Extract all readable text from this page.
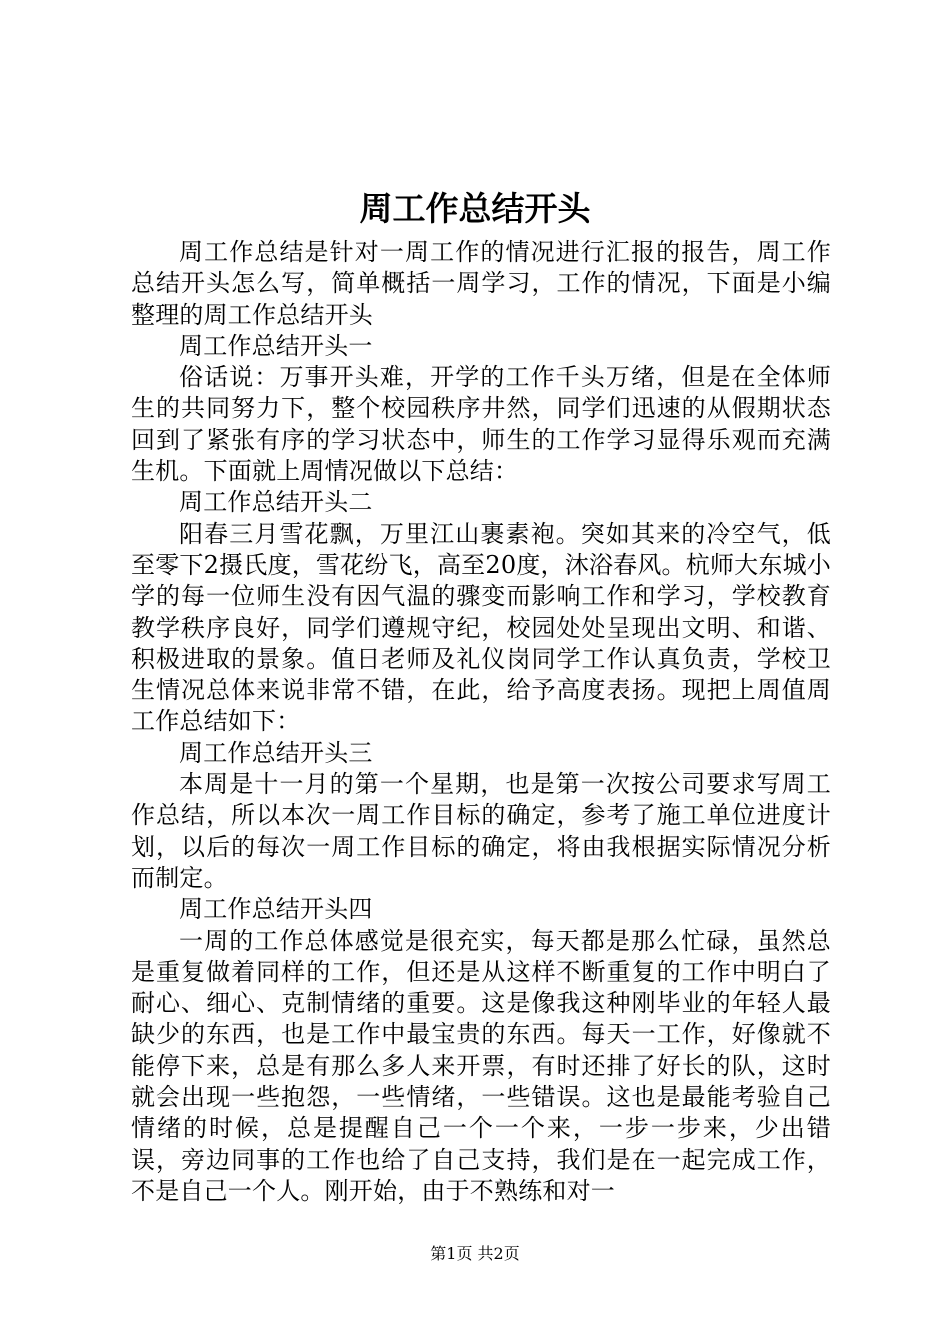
周工作总结开头

周工作总结是针对一周工作的情况进行汇报的报告，周工作总结开头怎么写，简单概括一周学习，工作的情况，下面是小编整理的周工作总结开头

周工作总结开头一

俗话说：万事开头难，开学的工作千头万绪，但是在全体师生的共同努力下，整个校园秩序井然，同学们迅速的从假期状态回到了紧张有序的学习状态中，师生的工作学习显得乐观而充满生机。下面就上周情况做以下总结：

周工作总结开头二

阳春三月雪花飘，万里江山裹素袍。突如其来的冷空气，低至零下2摄氏度，雪花纷飞，高至20度，沐浴春风。杭师大东城小学的每一位师生没有因气温的骤变而影响工作和学习，学校教育教学秩序良好，同学们遵规守纪，校园处处呈现出文明、和谐、积极进取的景象。值日老师及礼仪岗同学工作认真负责，学校卫生情况总体来说非常不错，在此，给予高度表扬。现把上周值周工作总结如下：

周工作总结开头三

本周是十一月的第一个星期，也是第一次按公司要求写周工作总结，所以本次一周工作目标的确定，参考了施工单位进度计划，以后的每次一周工作目标的确定，将由我根据实际情况分析而制定。

周工作总结开头四

一周的工作总体感觉是很充实，每天都是那么忙碌，虽然总是重复做着同样的工作，但还是从这样不断重复的工作中明白了耐心、细心、克制情绪的重要。这是像我这种刚毕业的年轻人最缺少的东西，也是工作中最宝贵的东西。每天一工作，好像就不能停下来，总是有那么多人来开票，有时还排了好长的队，这时就会出现一些抱怨，一些情绪，一些错误。这也是最能考验自己情绪的时候，总是提醒自己一个一个来，一步一步来，少出错误，旁边同事的工作也给了自己支持，我们是在一起完成工作，不是自己一个人。刚开始，由于不熟练和对一

第1页 共2页
